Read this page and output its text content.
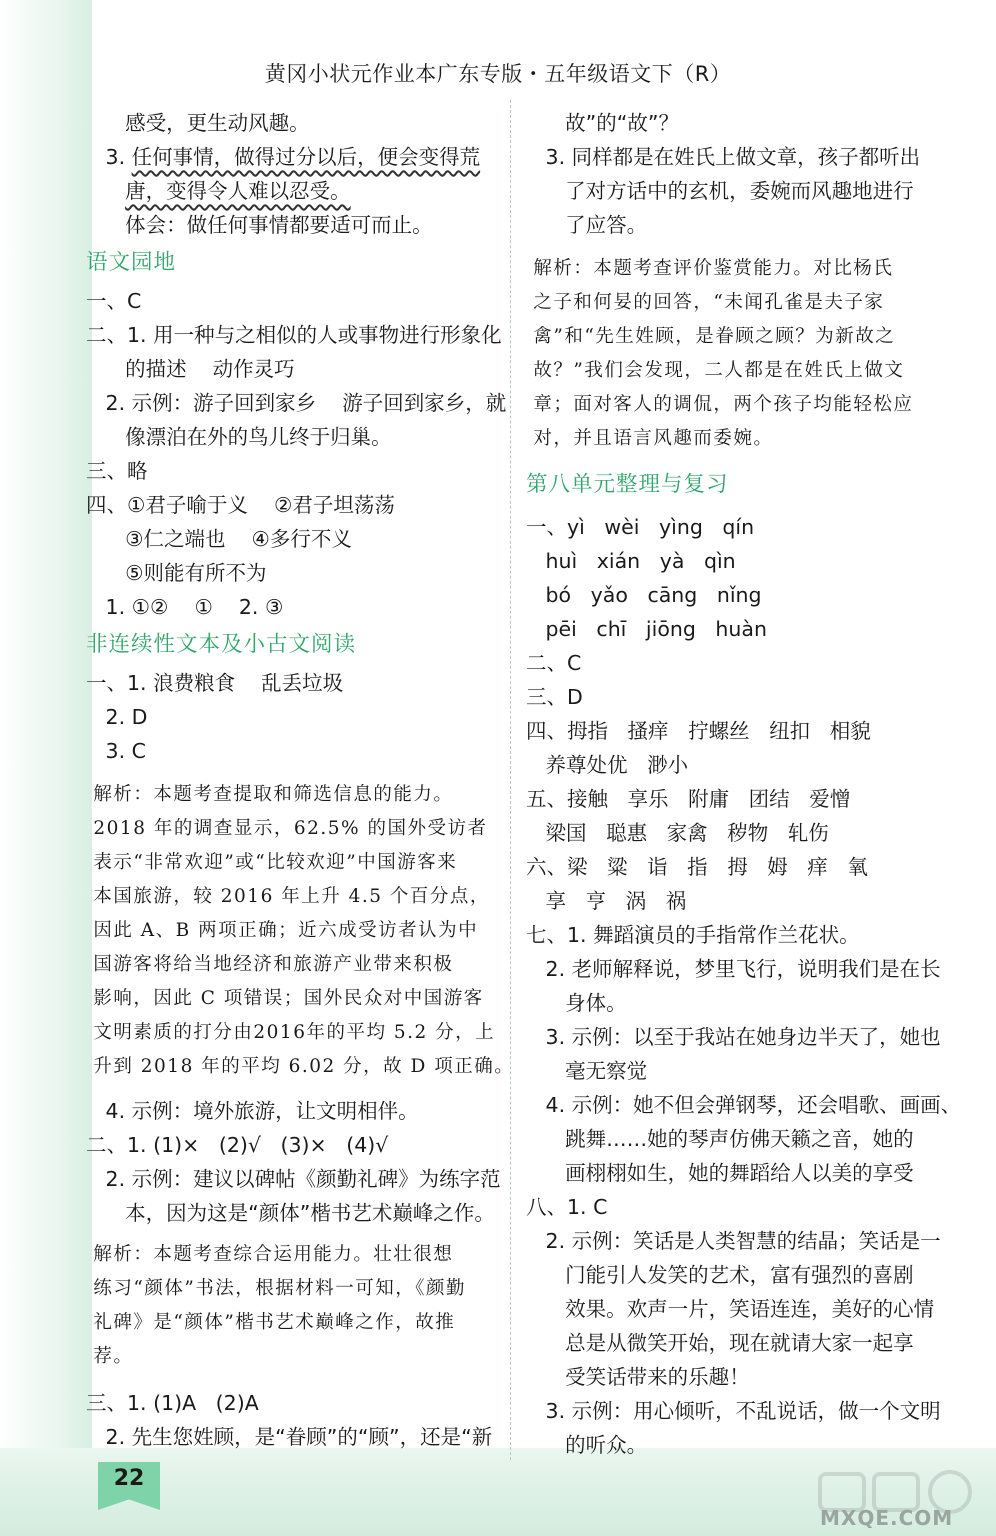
黄冈小状元作业本广东专版・五年级语文下（R）
感受，更生动风趣。
3. 任何事情，做得过分以后，便会变得荒
唐，变得令人难以忍受。
体会：做任何事情都要适可而止。
语文园地
一、C
二、1. 用一种与之相似的人或事物进行形象化
的描述    动作灵巧
2. 示例：游子回到家乡    游子回到家乡，就
像漂泊在外的鸟儿终于归巢。
三、略
四、①君子喻于义    ②君子坦荡荡
③仁之端也    ④多行不义
⑤则能有所不为
1. ①②    ①    2. ③
非连续性文本及小古文阅读
一、1. 浪费粮食    乱丢垃圾
2. D
3. C
解析：本题考查提取和筛选信息的能力。
2018 年的调查显示，62.5% 的国外受访者
表示“非常欢迎”或“比较欢迎”中国游客来
本国旅游，较 2016 年上升 4.5 个百分点，
因此 A、B 两项正确；近六成受访者认为中
国游客将给当地经济和旅游产业带来积极
影响，因此 C 项错误；国外民众对中国游客
文明素质的打分由2016年的平均 5.2 分，上
升到 2018 年的平均 6.02 分，故 D 项正确。
4. 示例：境外旅游，让文明相伴。
二、1. (1)×   (2)√   (3)×   (4)√
2. 示例：建议以碑帖《颜勤礼碑》为练字范
本，因为这是“颜体”楷书艺术巅峰之作。
解析：本题考查综合运用能力。壮壮很想
练习“颜体”书法，根据材料一可知，《颜勤
礼碑》是“颜体”楷书艺术巅峰之作，故推
荐。
三、1. (1)A   (2)A
2. 先生您姓顾，是“眷顾”的“顾”，还是“新
故”的“故”？
3. 同样都是在姓氏上做文章，孩子都听出
了对方话中的玄机，委婉而风趣地进行
了应答。
解析：本题考查评价鉴赏能力。对比杨氏
之子和何妟的回答，“未闻孔雀是夫子家
禽”和“先生姓顾，是眷顾之顾？为新故之
故？”我们会发现，二人都是在姓氏上做文
章；面对客人的调侃，两个孩子均能轻松应
对，并且语言风趣而委婉。
第八单元整理与复习
一、yì   wèi   yìng   qín
huì   xián   yà   qìn
bó   yǎo   cāng   nǐng
pēi   chī   jiōng   huàn
二、C
三、D
四、拇指   搔痒   拧螺丝   纽扣   相貌
养尊处优   渺小
五、接触   享乐   附庸   团结   爱憎
梁国   聪惠   家禽   秽物   轧伤
六、梁   粱   诣   指   拇   姆   痒   氧
享   亨   涡   祸
七、1. 舞蹈演员的手指常作兰花状。
2. 老师解释说，梦里飞行，说明我们是在长
身体。
3. 示例：以至于我站在她身边半天了，她也
毫无察觉
4. 示例：她不但会弹钢琴，还会唱歌、画画、
跳舞……她的琴声仿佛天籁之音，她的
画栩栩如生，她的舞蹈给人以美的享受
八、1. C
2. 示例：笑话是人类智慧的结晶；笑话是一
门能引人发笑的艺术，富有强烈的喜剧
效果。欢声一片，笑语连连，美好的心情
总是从微笑开始，现在就请大家一起享
受笑话带来的乐趣！
3. 示例：用心倾听，不乱说话，做一个文明
的听众。
22
MXQE.COM
